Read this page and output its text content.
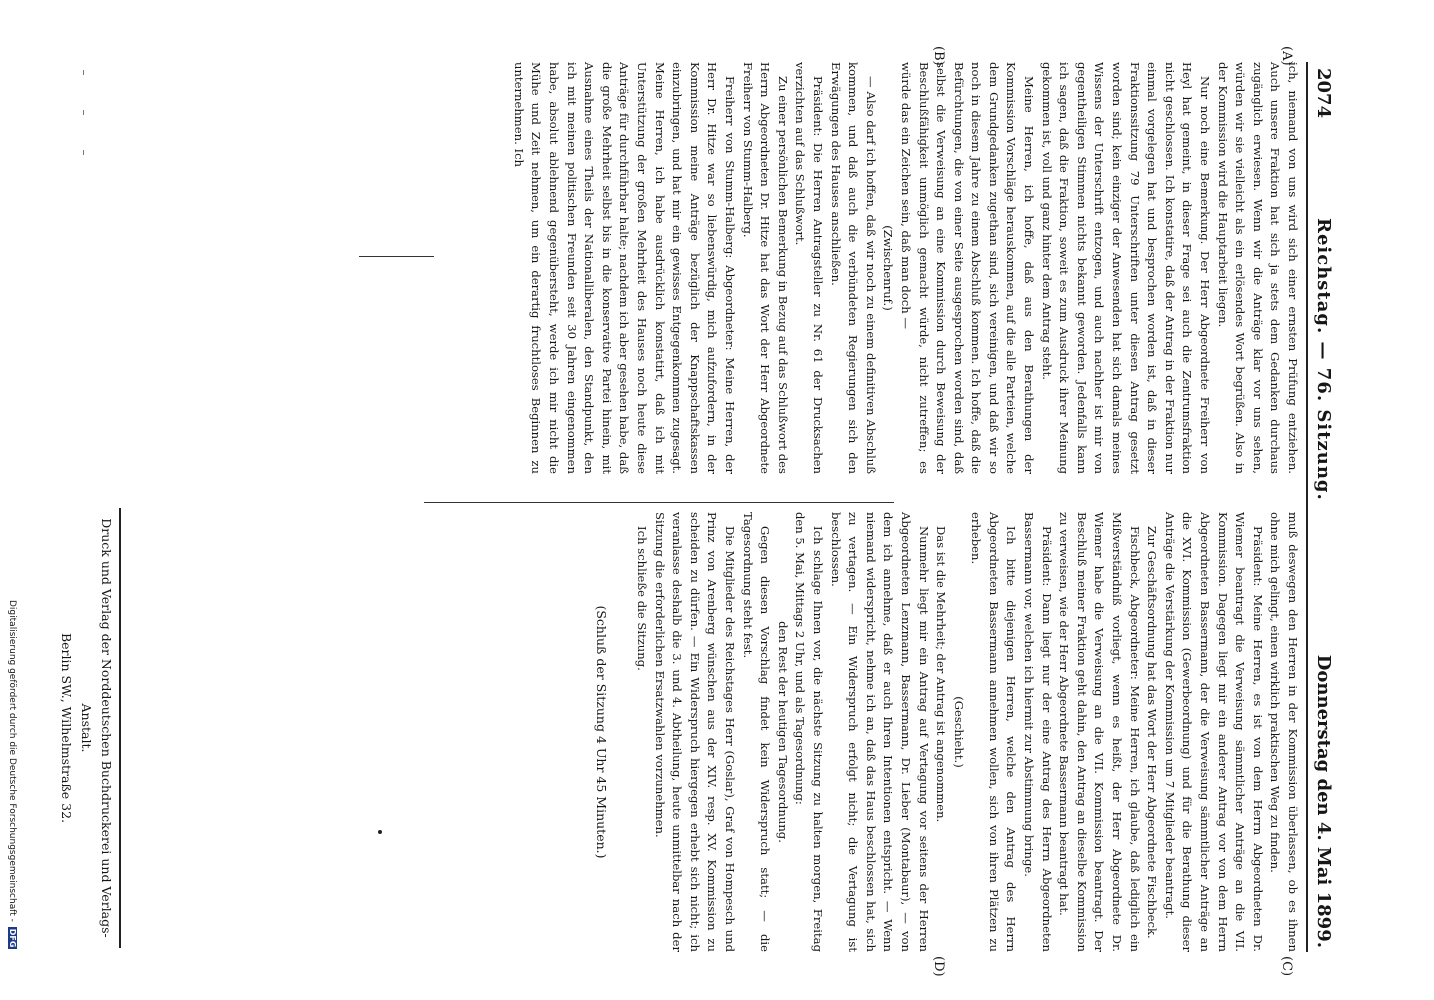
2074
Reichstag. — 76. Sitzung.
Donnerstag den 4. Mai 1899.
(A)
(B)
(C)
(D)

ich, niemand von uns wird sich einer ernsten Prüfung entziehen. Auch unsere Fraktion hat sich ja stets dem Gedanken durchaus zugänglich erwiesen. Wenn wir die Anträge klar vor uns sehen, würden wir sie vielleicht als ein erlösendes Wort begrüßen. Also in der Kommission wird die Hauptarbeit liegen.

Nur noch eine Bemerkung. Der Herr Abgeordnete Freiherr von Heyl hat gemeint, in dieser Frage sei auch die Zentrumsfraktion nicht geschlossen. Ich konstatire, daß der Antrag in der Fraktion nur einmal vorgelegen hat und besprochen worden ist, daß in dieser Fraktionssitzung 79 Unterschriften unter diesen Antrag gesetzt worden sind; kein einziger der Anwesenden hat sich damals meines Wissens der Unterschrift entzogen, und auch nachher ist mir von gegentheiligen Stimmen nichts bekannt geworden. Jedenfalls kann ich sagen, daß die Fraktion, soweit es zum Ausdruck ihrer Meinung gekommen ist, voll und ganz hinter dem Antrag steht.

Meine Herren, ich hoffe, daß aus den Berathungen der Kommission Vorschläge herauskommen, auf die alle Parteien, welche dem Grundgedanken zugethan sind, sich vereinigen, und daß wir so noch in diesem Jahre zu einem Abschluß kommen. Ich hoffe, daß die Befürchtungen, die von einer Seite ausgesprochen worden sind, daß selbst die Verweisung an eine Kommission durch Beweisung der Beschlußfähigkeit unmöglich gemacht würde, nicht zutreffen; es würde das ein Zeichen sein, daß man doch —

(Zwischenruf.)

— Also darf ich hoffen, daß wir noch zu einem definitiven Abschluß kommen, und daß auch die verbündeten Regierungen sich den Erwägungen des Hauses anschließen.

Präsident: Die Herren Antragsteller zu Nr. 61 der Drucksachen verzichten auf das Schlußwort.

Zu einer persönlichen Bemerkung in Bezug auf das Schlußwort des Herrn Abgeordneten Dr. Hitze hat das Wort der Herr Abgeordnete Freiherr von Stumm-Halberg.

Freiherr von Stumm-Halberg: Abgeordneter: Meine Herren, der Herr Dr. Hitze war so liebenswürdig, mich aufzufordern, in der Kommission meine Anträge bezüglich der Knappschaftskassen einzubringen, und hat mir ein gewisses Entgegenkommen zugesagt. Meine Herren, ich habe ausdrücklich konstatirt, daß ich mit Unterstützung der großen Mehrheit des Hauses noch heute diese Anträge für durchführbar halte; nachdem ich aber gesehen habe, daß die große Mehrheit selbst bis in die konservative Partei hinein, mit Ausnahme eines Theils der Nationalliberalen, den Standpunkt, den ich mit meinen politischen Freunden seit 30 Jahren eingenommen habe, absolut ablehnend gegenübersteht, werde ich mir nicht die Mühe und Zeit nehmen, um ein derartig fruchtloses Beginnen zu unternehmen. Ich

muß deswegen den Herren in der Kommission überlassen, ob es ihnen ohne mich gelingt, einen wirklich praktischen Weg zu finden.

Präsident: Meine Herren, es ist von dem Herrn Abgeordneten Dr. Wiemer beantragt die Verweisung sämmtlicher Anträge an die VII. Kommission. Dagegen liegt mir ein anderer Antrag vor von dem Herrn Abgeordneten Bassermann, der die Verweisung sämmtlicher Anträge an die XVI. Kommission (Gewerbeordnung) und für die Berathung dieser Anträge die Verstärkung der Kommission um 7 Mitglieder beantragt.

Zur Geschäftsordnung hat das Wort der Herr Abgeordnete Fischbeck.

Fischbeck, Abgeordneter: Meine Herren, ich glaube, daß lediglich ein Mißverständniß vorliegt, wenn es heißt, der Herr Abgeordnete Dr. Wiemer habe die Verweisung an die VII. Kommission beantragt. Der Beschluß meiner Fraktion geht dahin, den Antrag an dieselbe Kommission zu verweisen, wie der Herr Abgeordnete Bassermann beantragt hat.

Präsident: Dann liegt nur der eine Antrag des Herrn Abgeordneten Bassermann vor, welchen ich hiermit zur Abstimmung bringe.

Ich bitte diejenigen Herren, welche den Antrag des Herrn Abgeordneten Bassermann annehmen wollen, sich von ihren Plätzen zu erheben.

(Geschieht.)

Das ist die Mehrheit; der Antrag ist angenommen.

Nunmehr liegt mir ein Antrag auf Vertagung vor seitens der Herren Abgeordneten Lenzmann, Bassermann, Dr. Lieber (Montabaur), — von dem ich annehme, daß er auch Ihren Intentionen entspricht. — Wenn niemand widerspricht, nehme ich an, daß das Haus beschlossen hat, sich zu vertagen. — Ein Widerspruch erfolgt nicht; die Vertagung ist beschlossen.

Ich schlage Ihnen vor, die nächste Sitzung zu halten morgen, Freitag den 5. Mai, Mittags 2 Uhr, und als Tagesordnung:

den Rest der heutigen Tagesordnung.

Gegen diesen Vorschlag findet kein Widerspruch statt; — die Tagesordnung steht fest.

Die Mitglieder des Reichstages Herr (Goslar), Graf von Hompesch und Prinz von Arenberg wünschen aus der XIV. resp. XV. Kommission zu scheiden zu dürfen. — Ein Widerspruch hiergegen erhebt sich nicht; ich veranlasse deshalb die 3. und 4. Abtheilung, heute unmittelbar nach der Sitzung die erforderlichen Ersatzwahlen vorzunehmen.

Ich schließe die Sitzung.

(Schluß der Sitzung 4 Uhr 45 Minuten.)
Druck und Verlag der Norddeutschen Buchdruckerei und Verlags-Anstalt.
Berlin SW., Wilhelmstraße 32.
Digitalisierung gefördert durch die Deutsche Forschungsgemeinschaft - DFG
